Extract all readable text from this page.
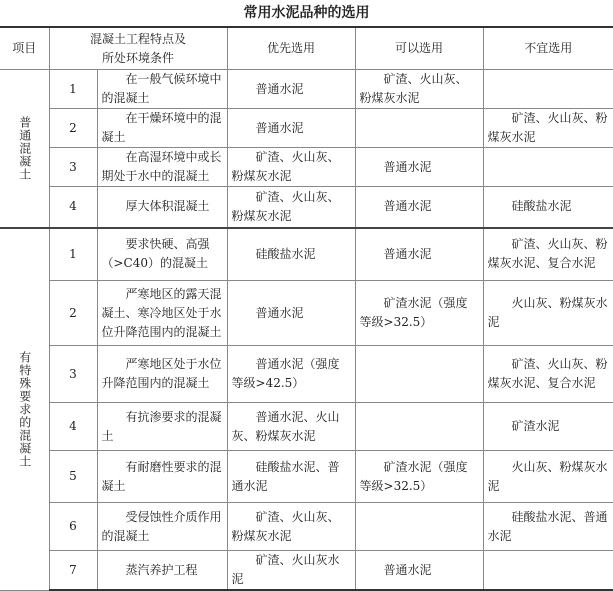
常用水泥品种的选用
项目	混凝土工程特点及所处环境条件		优先选用	可以选用	不宜选用
普通混凝土	1	在一般气候环境中的混凝土	普通水泥	矿渣、火山灰、粉煤灰水泥	
	2	在干燥环境中的混凝土	普通水泥		矿渣、火山灰、粉煤灰水泥
	3	在高湿环境中或长期处于水中的混凝土	矿渣、火山灰、粉煤灰水泥	普通水泥	
	4	厚大体积混凝土	矿渣、火山灰、粉煤灰水泥	普通水泥	硅酸盐水泥
有特殊要求的混凝土	1	要求快硬、高强（>C40）的混凝土	硅酸盐水泥	普通水泥	矿渣、火山灰、粉煤灰水泥、复合水泥
	2	严寒地区的露天混凝土、寒冷地区处于水位升降范围内的混凝土	普通水泥	矿渣水泥（强度等级>32.5）	火山灰、粉煤灰水泥
	3	严寒地区处于水位升降范围内的混凝土	普通水泥（强度等级>42.5）		矿渣、火山灰、粉煤灰水泥、复合水泥
	4	有抗渗要求的混凝土	普通水泥、火山灰、粉煤灰水泥		矿渣水泥
	5	有耐磨性要求的混凝土	硅酸盐水泥、普通水泥	矿渣水泥（强度等级>32.5）	火山灰、粉煤灰水泥
	6	受侵蚀性介质作用的混凝土	矿渣、火山灰、粉煤灰水泥		硅酸盐水泥、普通水泥
	7	蒸汽养护工程	矿渣、火山灰水泥	普通水泥	
